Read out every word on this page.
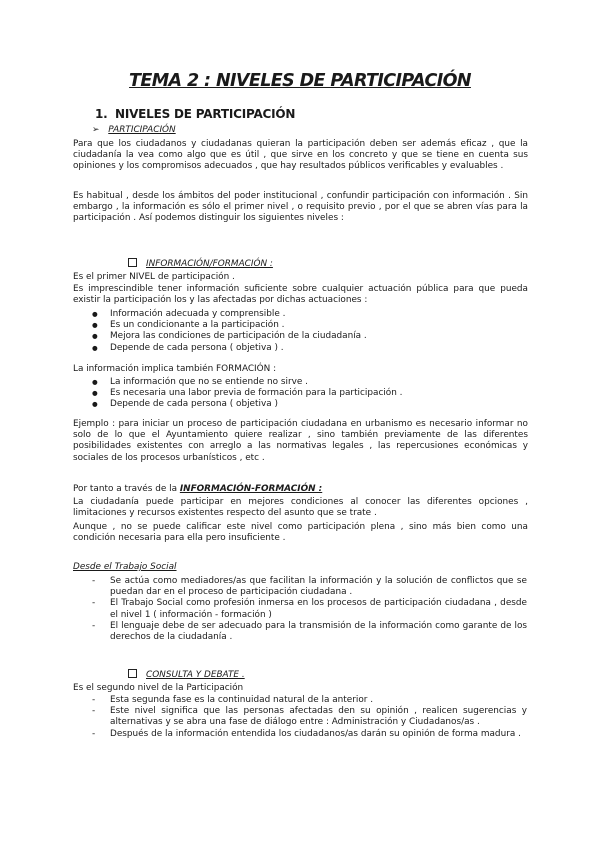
TEMA 2 : NIVELES DE PARTICIPACIÓN
1. NIVELES DE PARTICIPACIÓN
➢ PARTICIPACIÓN
Para que los ciudadanos y ciudadanas quieran la participación deben ser además eficaz , que la ciudadanía la vea como algo que es útil , que sirve en los concreto y que se tiene en cuenta sus opiniones y los compromisos adecuados , que hay resultados públicos verificables y evaluables .
Es habitual , desde los ámbitos del poder institucional , confundir participación con información . Sin embargo , la información es sólo el primer nivel , o requisito previo , por el que se abren vías para la participación . Así podemos distinguir los siguientes niveles :
INFORMACIÓN/FORMACIÓN :
Es el primer NIVEL de participación .
Es imprescindible tener información suficiente sobre cualquier actuación pública para que pueda existir la participación los y las afectadas por dichas actuaciones :
● Información adecuada y comprensible .
● Es un condicionante a la participación .
● Mejora las condiciones de participación de la ciudadanía .
● Depende de cada persona ( objetiva ) .
La información implica también FORMACIÓN :
● La información que no se entiende no sirve .
● Es necesaria una labor previa de formación para la participación .
● Depende de cada persona ( objetiva )
Ejemplo : para iniciar un proceso de participación ciudadana en urbanismo es necesario informar no solo de lo que el Ayuntamiento quiere realizar , sino también previamente de las diferentes posibilidades existentes con arreglo a las normativas legales , las repercusiones económicas y sociales de los procesos urbanísticos , etc .
Por tanto a través de la INFORMACIÓN-FORMACIÓN :
La ciudadanía puede participar en mejores condiciones al conocer las diferentes opciones , limitaciones y recursos existentes respecto del asunto que se trate .
Aunque , no se puede calificar este nivel como participación plena , sino más bien como una condición necesaria para ella pero insuficiente .
Desde el Trabajo Social
- Se actúa como mediadores/as que facilitan la información y la solución de conflictos que se puedan dar en el proceso de participación ciudadana .
- El Trabajo Social como profesión inmersa en los procesos de participación ciudadana , desde el nivel 1 ( información - formación )
- El lenguaje debe de ser adecuado para la transmisión de la información como garante de los derechos de la ciudadanía .
CONSULTA Y DEBATE .
Es el segundo nivel de la Participación
- Esta segunda fase es la continuidad natural de la anterior .
- Este nivel significa que las personas afectadas den su opinión , realicen sugerencias y alternativas y se abra una fase de diálogo entre : Administración y Ciudadanos/as .
- Después de la información entendida los ciudadanos/as darán su opinión de forma madura .
